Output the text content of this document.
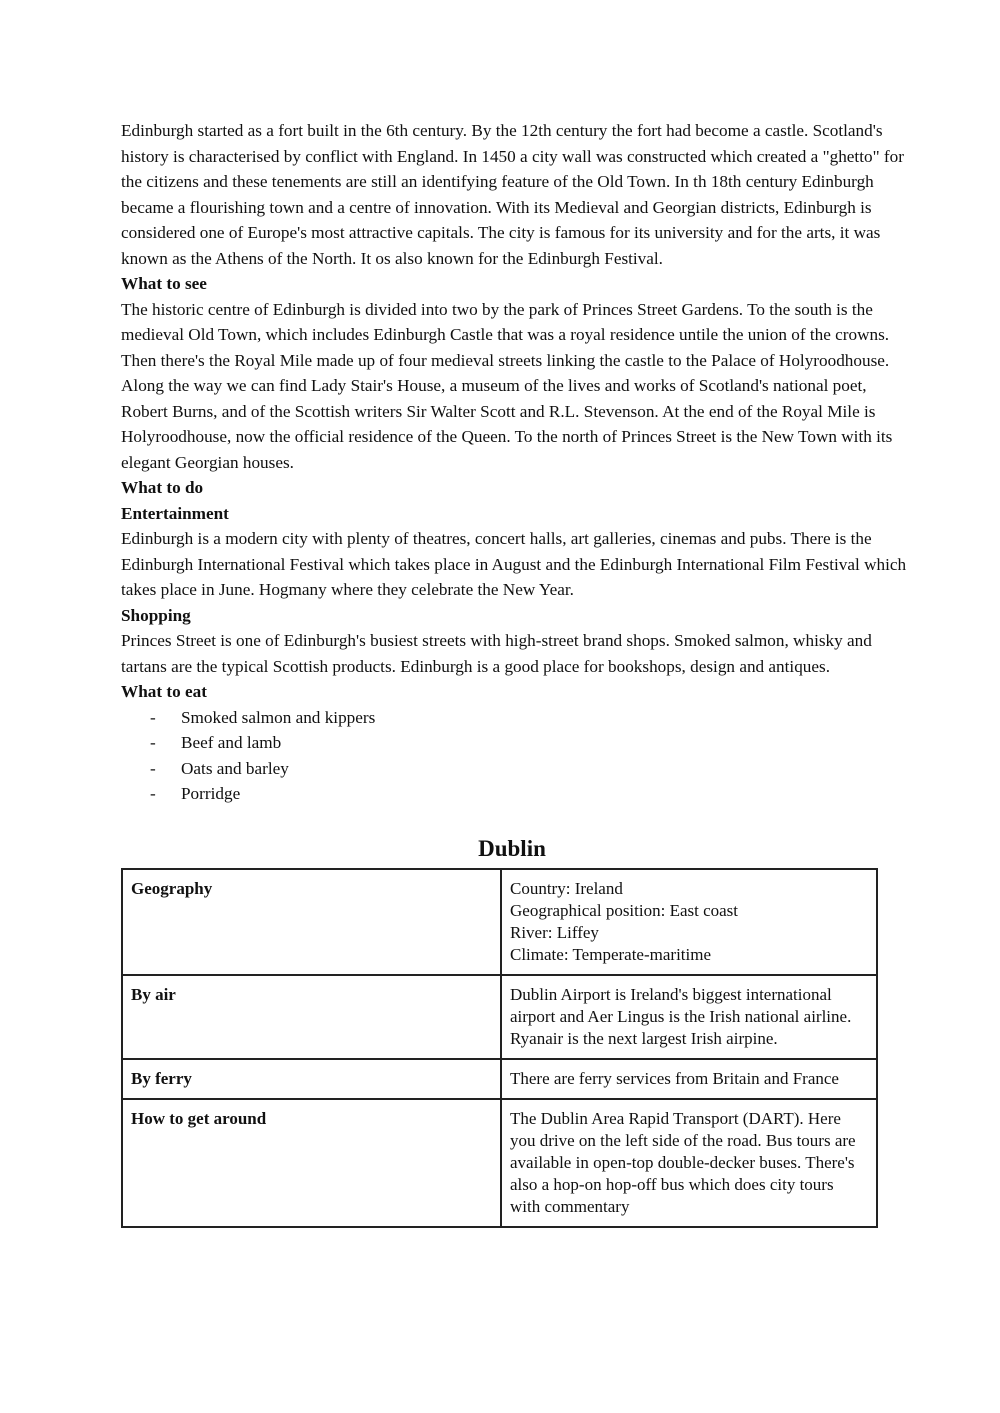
Edinburgh started as a fort built in the 6th century. By the 12th century the fort had become a castle. Scotland's history is characterised by conflict with England. In 1450 a city wall was constructed which created a "ghetto" for the citizens and these tenements are still an identifying feature of the Old Town. In th 18th century Edinburgh became a flourishing town and a centre of innovation. With its Medieval and Georgian districts, Edinburgh is considered one of Europe's most attractive capitals. The city is famous for its university and for the arts, it was known as the Athens of the North. It os also known for the Edinburgh Festival.

What to see

The historic centre of Edinburgh is divided into two by the park of Princes Street Gardens. To the south is the medieval Old Town, which includes Edinburgh Castle that was a royal residence untile the union of the crowns. Then there's the Royal Mile made up of four medieval streets linking the castle to the Palace of Holyroodhouse. Along the way we can find Lady Stair's House, a museum of the lives and works of Scotland's national poet, Robert Burns, and of the Scottish writers Sir Walter Scott and R.L. Stevenson. At the end of the Royal Mile is Holyroodhouse, now the official residence of the Queen. To the north of Princes Street is the New Town with its elegant Georgian houses.

What to do

Entertainment

Edinburgh is a modern city with plenty of theatres, concert halls, art galleries, cinemas and pubs. There is the Edinburgh International Festival which takes place in August and the Edinburgh International Film Festival which takes place in June. Hogmany where they celebrate the New Year.

Shopping

Princes Street is one of Edinburgh's busiest streets with high-street brand shops. Smoked salmon, whisky and tartans are the typical Scottish products. Edinburgh is a good place for bookshops, design and antiques.

What to eat

- Smoked salmon and kippers
- Beef and lamb
- Oats and barley
- Porridge
Dublin
Geography	Country: Ireland
Geographical position: East coast
River: Liffey
Climate: Temperate-maritime

By air	Dublin Airport is Ireland's biggest international airport and Aer Lingus is the Irish national airline. Ryanair is the next largest Irish airpine.
By ferry	There are ferry services from Britain and France
How to get around	The Dublin Area Rapid Transport (DART). Here you drive on the left side of the road. Bus tours are available in open-top double-decker buses. There's also a hop-on hop-off bus which does city tours with commentary
